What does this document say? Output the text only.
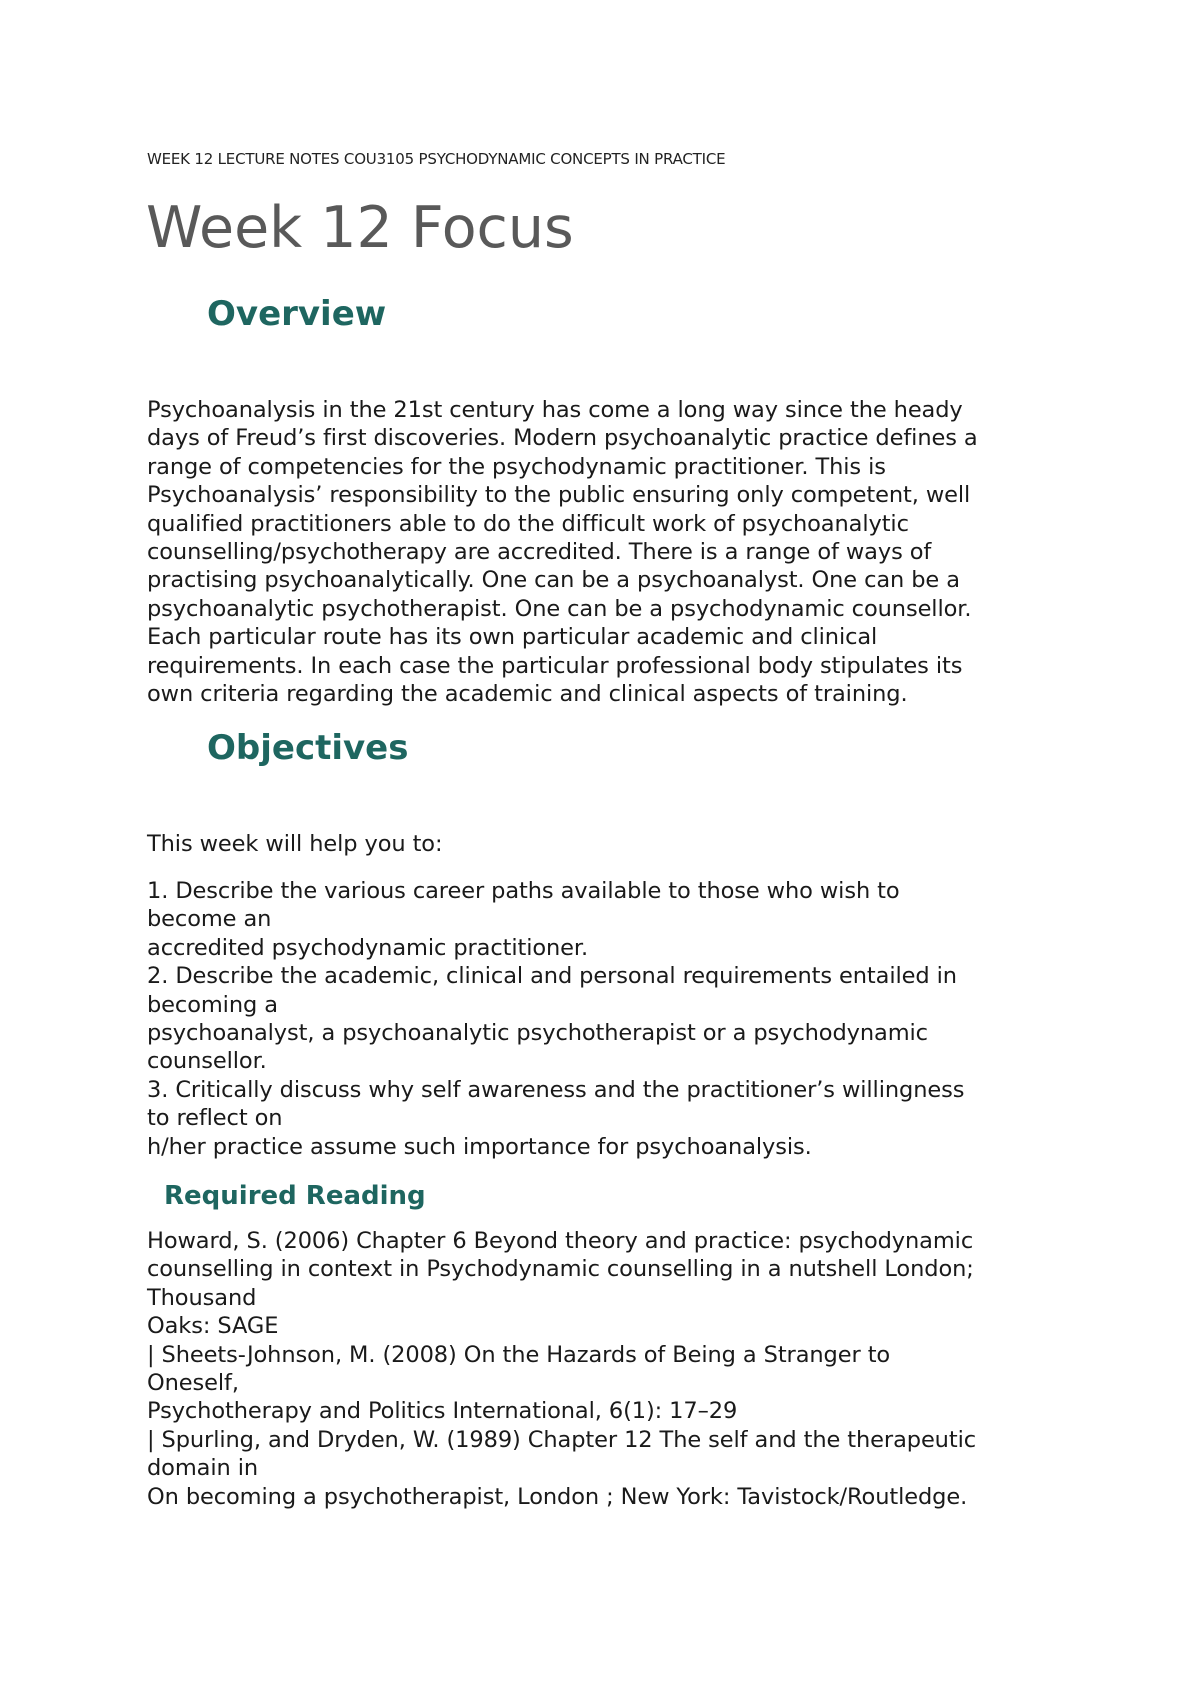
WEEK 12 LECTURE NOTES COU3105 PSYCHODYNAMIC CONCEPTS IN PRACTICE
Week 12 Focus
Overview
Psychoanalysis in the 21st century has come a long way since the heady
days of Freud’s first discoveries. Modern psychoanalytic practice defines a
range of competencies for the psychodynamic practitioner. This is
Psychoanalysis’ responsibility to the public ensuring only competent, well
qualified practitioners able to do the difficult work of psychoanalytic
counselling/psychotherapy are accredited. There is a range of ways of
practising psychoanalytically. One can be a psychoanalyst. One can be a
psychoanalytic psychotherapist. One can be a psychodynamic counsellor.
Each particular route has its own particular academic and clinical
requirements. In each case the particular professional body stipulates its
own criteria regarding the academic and clinical aspects of training.
Objectives
This week will help you to:
1. Describe the various career paths available to those who wish to
become an
accredited psychodynamic practitioner.
2. Describe the academic, clinical and personal requirements entailed in
becoming a
psychoanalyst, a psychoanalytic psychotherapist or a psychodynamic
counsellor.
3. Critically discuss why self awareness and the practitioner’s willingness
to reflect on
h/her practice assume such importance for psychoanalysis.
Required Reading
Howard, S. (2006) Chapter 6 Beyond theory and practice: psychodynamic
counselling in context in Psychodynamic counselling in a nutshell London;
Thousand
Oaks: SAGE
| Sheets-Johnson, M. (2008) On the Hazards of Being a Stranger to
Oneself,
Psychotherapy and Politics International, 6(1): 17–29
| Spurling, and Dryden, W. (1989) Chapter 12 The self and the therapeutic
domain in
On becoming a psychotherapist, London ; New York: Tavistock/Routledge.
